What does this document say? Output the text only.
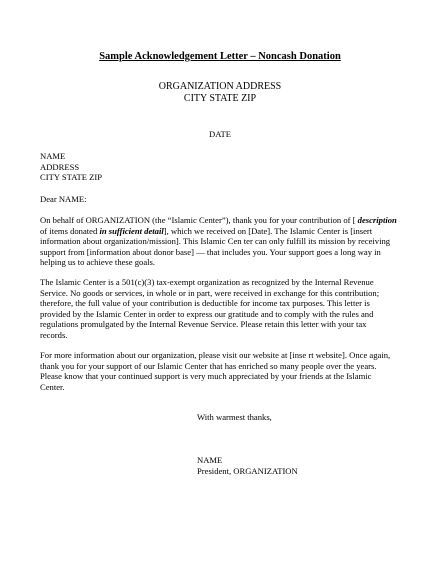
Sample Acknowledgement Letter – Noncash Donation
ORGANIZATION ADDRESS
CITY STATE ZIP
DATE
NAME
ADDRESS
CITY STATE ZIP
Dear NAME:
On behalf of ORGANIZATION (the “Islamic Center”), thank you for your contribution of [ description
of items donated in sufficient detail], which we received on [Date]. The Islamic Center is [insert
information about organization/mission]. This Islamic Cen ter can only fulfill its mission by receiving
support from [information about donor base] — that includes you. Your support goes a long way in
helping us to achieve these goals.
The Islamic Center is a 501(c)(3) tax-exempt organization as recognized by the Internal Revenue
Service. No goods or services, in whole or in part, were received in exchange for this contribution;
therefore, the full value of your contribution is deductible for income tax purposes. This letter is
provided by the Islamic Center in order to express our gratitude and to comply with the rules and
regulations promulgated by the Internal Revenue Service. Please retain this letter with your tax
records.
For more information about our organization, please visit our website at [inse rt website]. Once again,
thank you for your support of our Islamic Center that has enriched so many people over the years.
Please know that your continued support is very much appreciated by your friends at the Islamic
Center.
With warmest thanks,
NAME
President, ORGANIZATION
